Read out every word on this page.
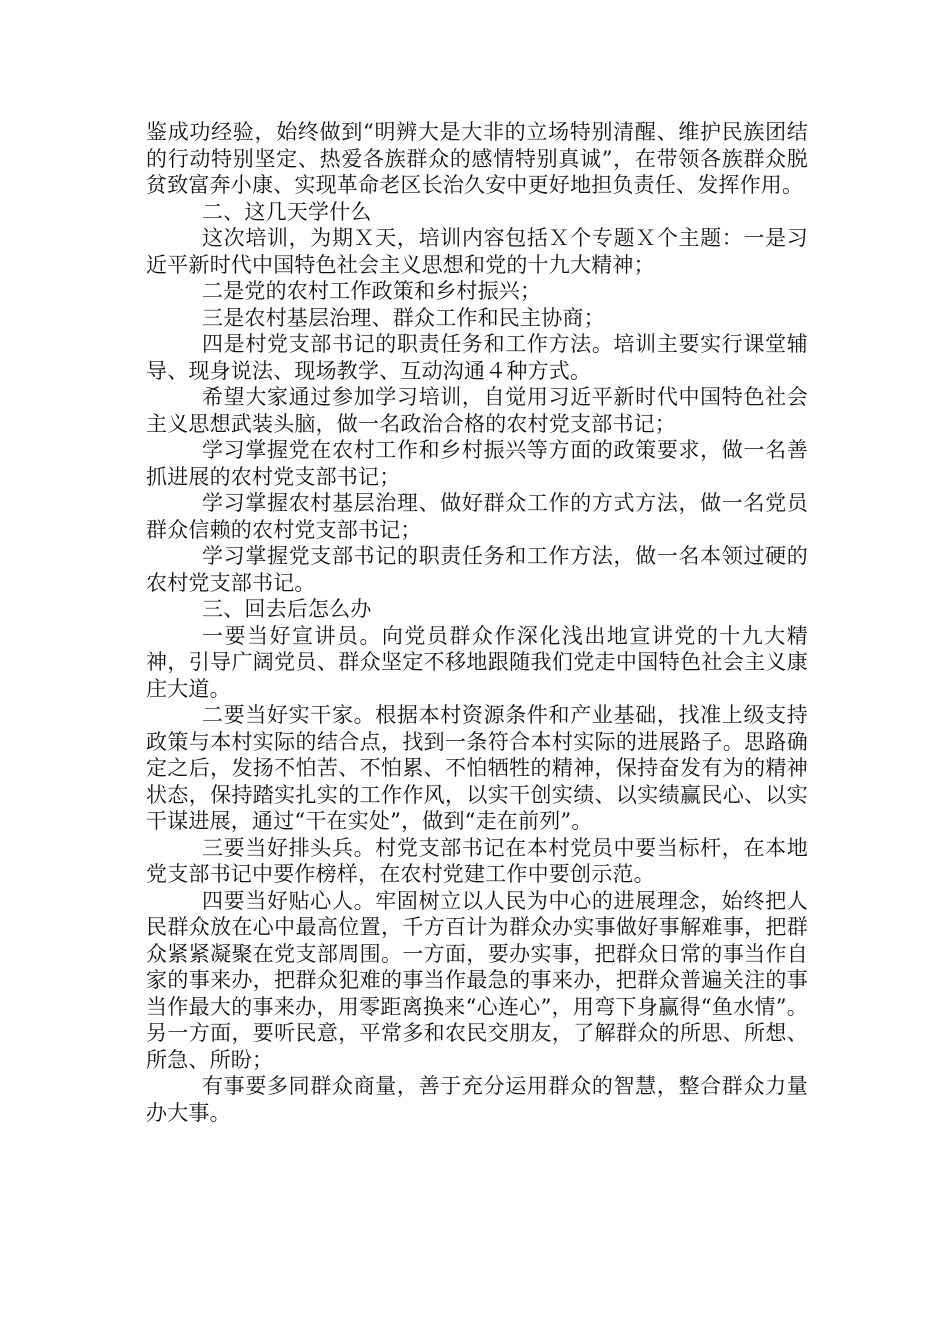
鉴成功经验，始终做到“明辨大是大非的立场特别清醒、维护民族团结的行动特别坚定、热爱各族群众的感情特别真诚”，在带领各族群众脱贫致富奔小康、实现革命老区长治久安中更好地担负责任、发挥作用。

二、这几天学什么

这次培训，为期Ｘ天，培训内容包括Ｘ个专题Ｘ个主题：一是习近平新时代中国特色社会主义思想和党的十九大精神；

二是党的农村工作政策和乡村振兴；

三是农村基层治理、群众工作和民主协商；

四是村党支部书记的职责任务和工作方法。培训主要实行课堂辅导、现身说法、现场教学、互动沟通４种方式。

希望大家通过参加学习培训，自觉用习近平新时代中国特色社会主义思想武装头脑，做一名政治合格的农村党支部书记；

学习掌握党在农村工作和乡村振兴等方面的政策要求，做一名善抓进展的农村党支部书记；

学习掌握农村基层治理、做好群众工作的方式方法，做一名党员群众信赖的农村党支部书记；

学习掌握党支部书记的职责任务和工作方法，做一名本领过硬的农村党支部书记。

三、回去后怎么办

一要当好宣讲员。向党员群众作深化浅出地宣讲党的十九大精神，引导广阔党员、群众坚定不移地跟随我们党走中国特色社会主义康庄大道。

二要当好实干家。根据本村资源条件和产业基础，找准上级支持政策与本村实际的结合点，找到一条符合本村实际的进展路子。思路确定之后，发扬不怕苦、不怕累、不怕牺牲的精神，保持奋发有为的精神状态，保持踏实扎实的工作作风，以实干创实绩、以实绩赢民心、以实干谋进展，通过“干在实处”，做到“走在前列”。

三要当好排头兵。村党支部书记在本村党员中要当标杆，在本地党支部书记中要作榜样，在农村党建工作中要创示范。

四要当好贴心人。牢固树立以人民为中心的进展理念，始终把人民群众放在心中最高位置，千方百计为群众办实事做好事解难事，把群众紧紧凝聚在党支部周围。一方面，要办实事，把群众日常的事当作自家的事来办，把群众犯难的事当作最急的事来办，把群众普遍关注的事当作最大的事来办，用零距离换来“心连心”，用弯下身赢得“鱼水情”。另一方面，要听民意，平常多和农民交朋友，了解群众的所思、所想、所急、所盼；

有事要多同群众商量，善于充分运用群众的智慧，整合群众力量办大事。
